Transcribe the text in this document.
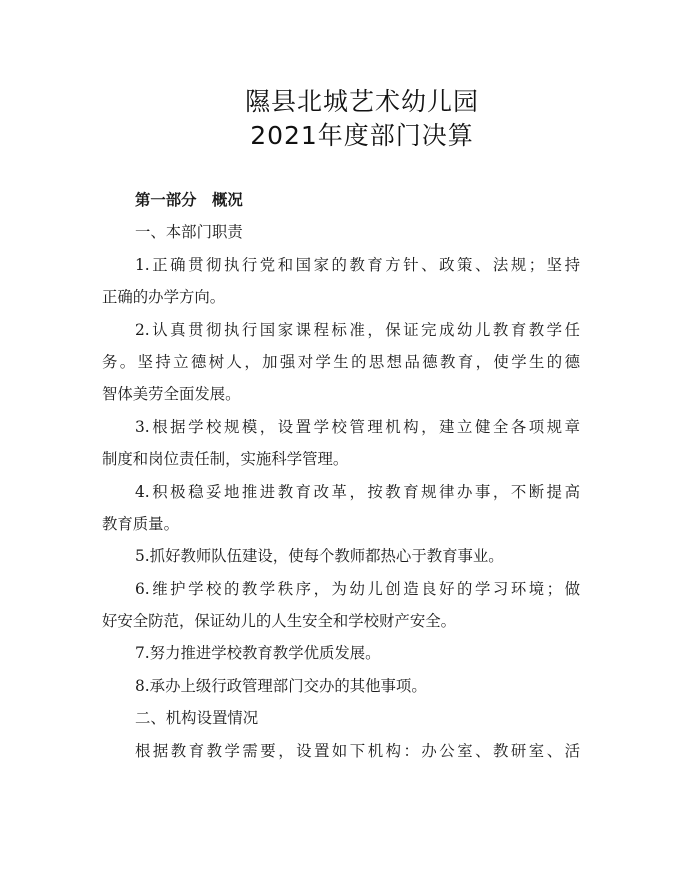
隰县北城艺术幼儿园
2021年度部门决算
第一部分　概况
一、本部门职责
1.正确贯彻执行党和国家的教育方针、政策、法规；坚持
正确的办学方向。
2.认真贯彻执行国家课程标准，保证完成幼儿教育教学任
务。坚持立德树人，加强对学生的思想品德教育，使学生的德
智体美劳全面发展。
3.根据学校规模，设置学校管理机构，建立健全各项规章
制度和岗位责任制，实施科学管理。
4.积极稳妥地推进教育改革，按教育规律办事，不断提高
教育质量。
5.抓好教师队伍建设，使每个教师都热心于教育事业。
6.维护学校的教学秩序，为幼儿创造良好的学习环境；做
好安全防范，保证幼儿的人生安全和学校财产安全。
7.努力推进学校教育教学优质发展。
8.承办上级行政管理部门交办的其他事项。
二、机构设置情况
根据教育教学需要，设置如下机构：办公室、教研室、活
